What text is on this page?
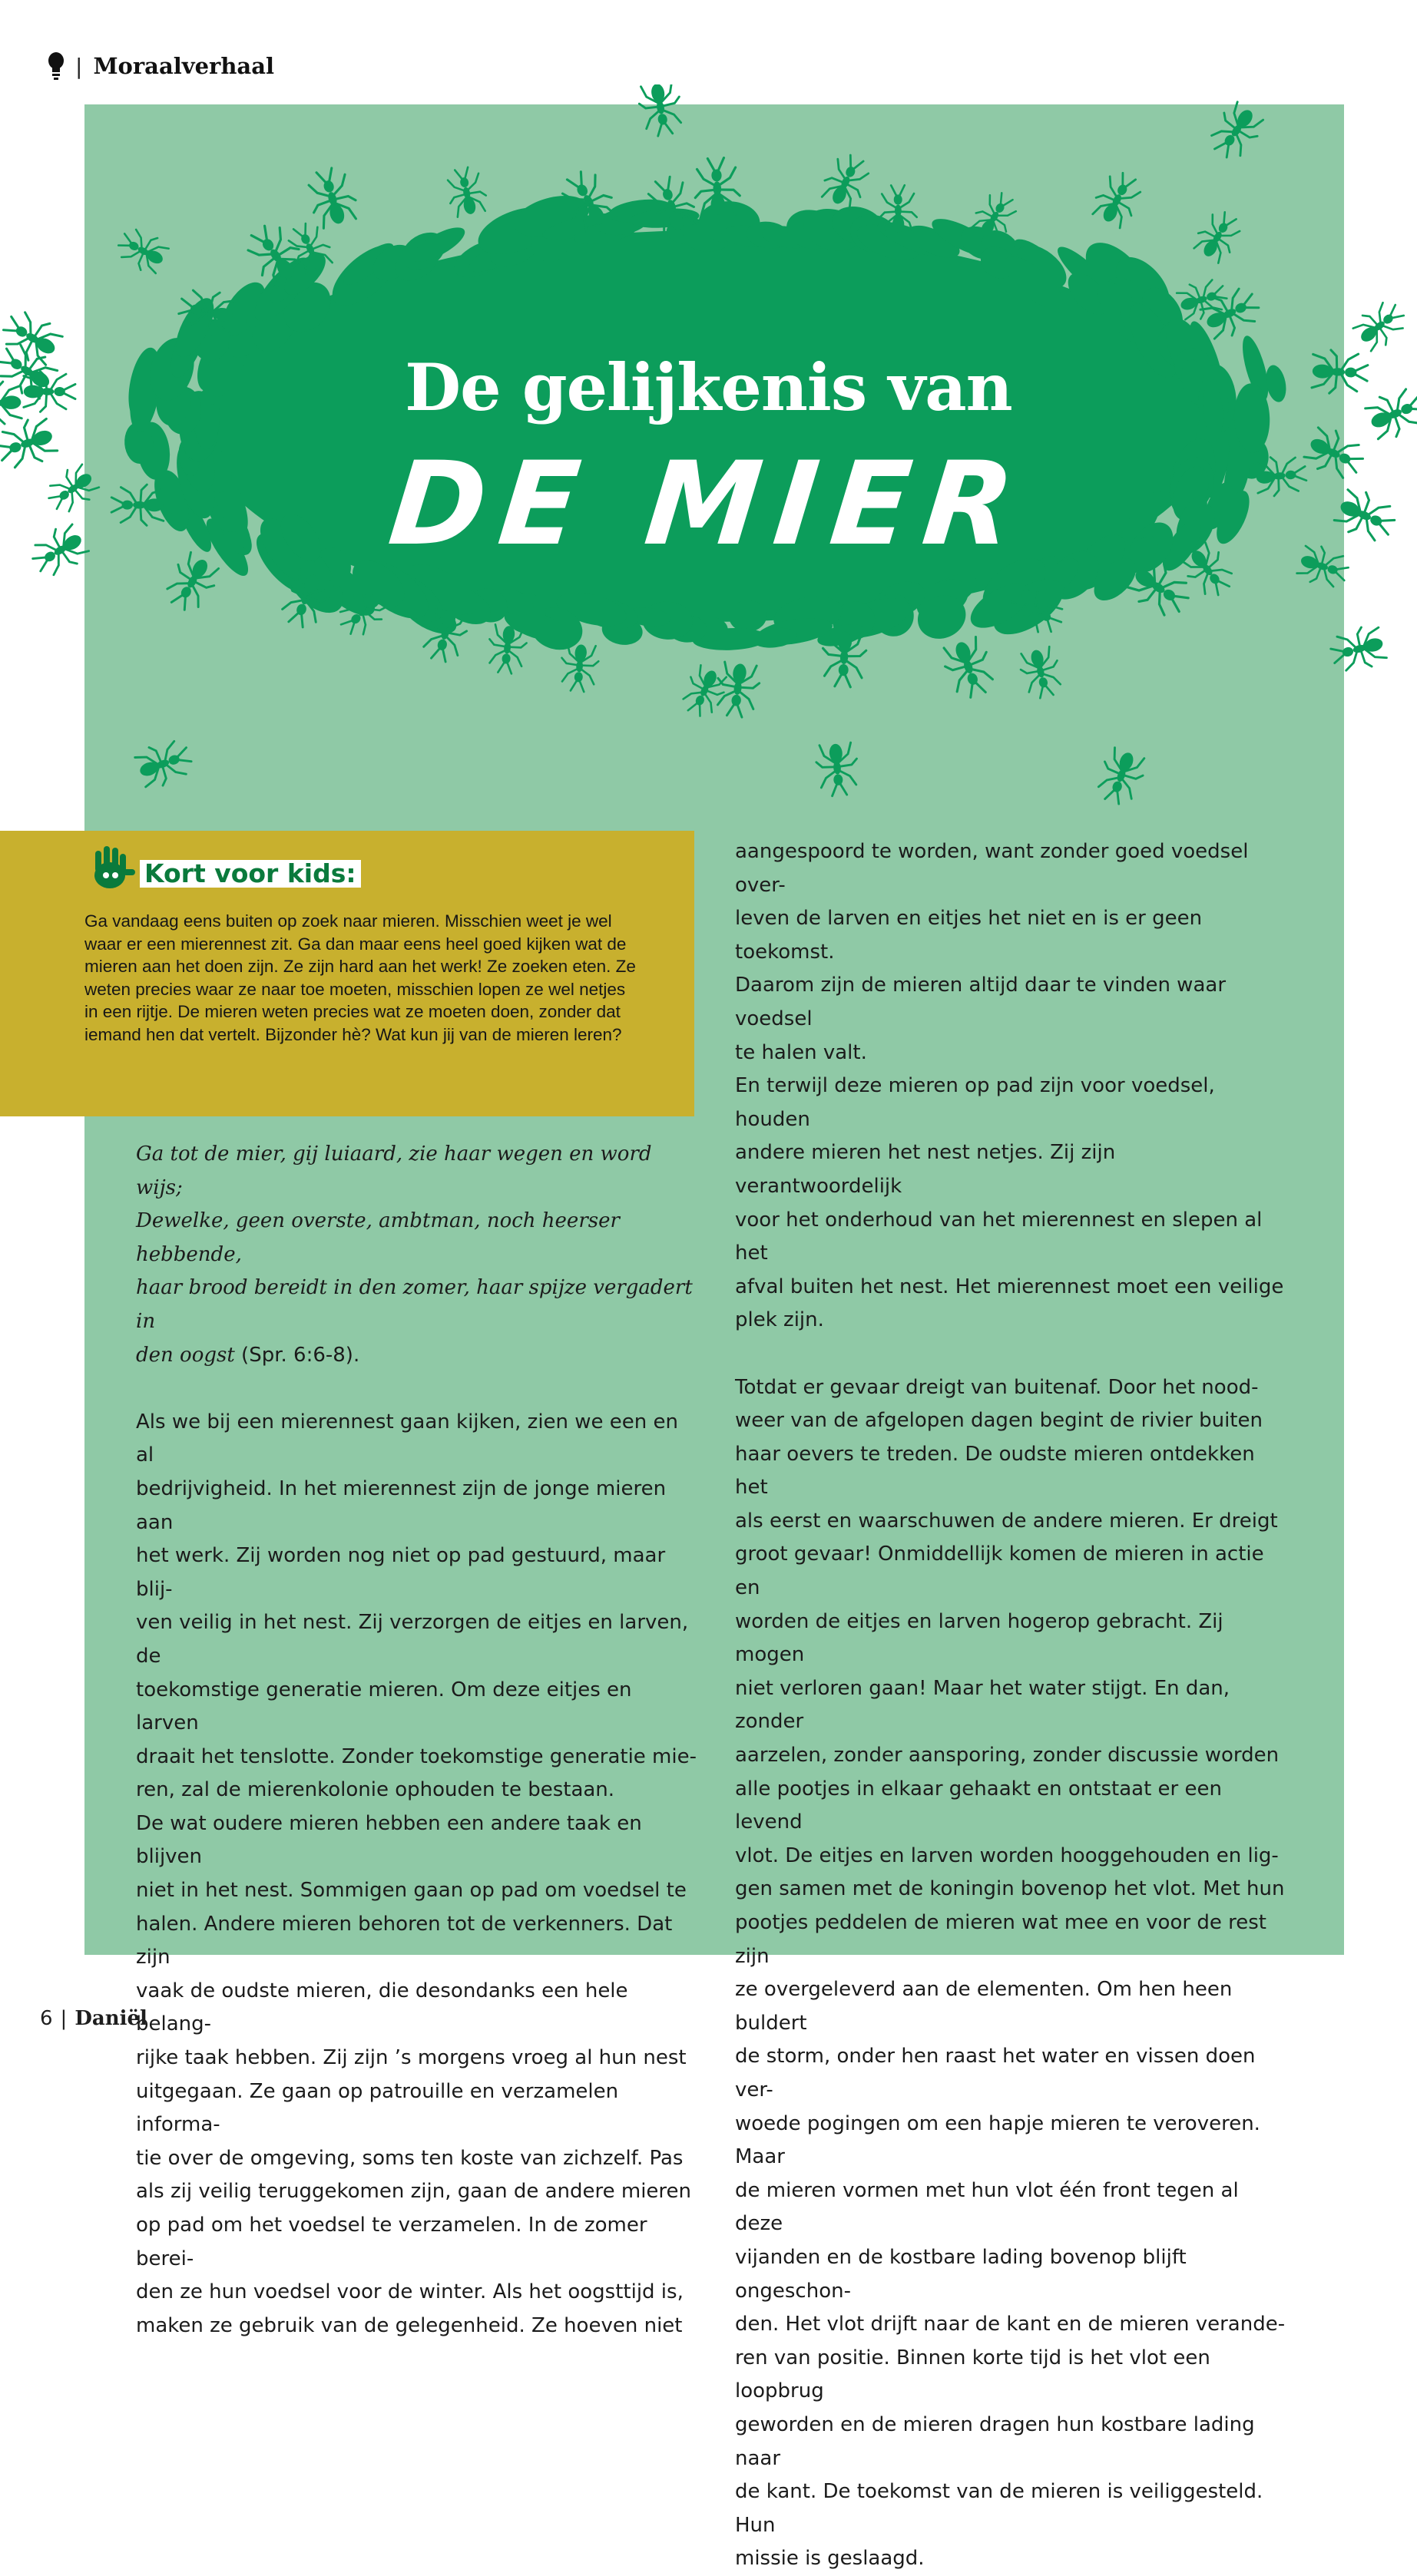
| Moraalverhaal
De gelijkenis van
DE MIER
Kort voor kids:
Ga vandaag eens buiten op zoek naar mieren. Misschien weet je wel
waar er een mierennest zit. Ga dan maar eens heel goed kijken wat de
mieren aan het doen zijn. Ze zijn hard aan het werk! Ze zoeken eten. Ze
weten precies waar ze naar toe moeten, misschien lopen ze wel netjes
in een rijtje. De mieren weten precies wat ze moeten doen, zonder dat
iemand hen dat vertelt. Bijzonder hè? Wat kun jij van de mieren leren?

Ga tot de mier, gij luiaard, zie haar wegen en word wijs;

Dewelke, geen overste, ambtman, noch heerser hebbende,

haar brood bereidt in den zomer, haar spijze vergadert in

den oogst (Spr. 6:6-8).

Als we bij een mierennest gaan kijken, zien we een en al

bedrijvigheid. In het mierennest zijn de jonge mieren aan

het werk. Zij worden nog niet op pad gestuurd, maar blij-

ven veilig in het nest. Zij verzorgen de eitjes en larven, de

toekomstige generatie mieren. Om deze eitjes en larven

draait het tenslotte. Zonder toekomstige generatie mie-

ren, zal de mierenkolonie ophouden te bestaan.

De wat oudere mieren hebben een andere taak en blijven

niet in het nest. Sommigen gaan op pad om voedsel te

halen. Andere mieren behoren tot de verkenners. Dat zijn

vaak de oudste mieren, die desondanks een hele belang-

rijke taak hebben. Zij zijn ’s morgens vroeg al hun nest

uitgegaan. Ze gaan op patrouille en verzamelen informa-

tie over de omgeving, soms ten koste van zichzelf. Pas

als zij veilig teruggekomen zijn, gaan de andere mieren

op pad om het voedsel te verzamelen. In de zomer berei-

den ze hun voedsel voor de winter. Als het oogsttijd is,

maken ze gebruik van de gelegenheid. Ze hoeven niet

aangespoord te worden, want zonder goed voedsel over-

leven de larven en eitjes het niet en is er geen toekomst.

Daarom zijn de mieren altijd daar te vinden waar voedsel

te halen valt.

En terwijl deze mieren op pad zijn voor voedsel, houden

andere mieren het nest netjes. Zij zijn verantwoordelijk

voor het onderhoud van het mierennest en slepen al het

afval buiten het nest. Het mierennest moet een veilige

plek zijn.

Totdat er gevaar dreigt van buitenaf. Door het nood-

weer van de afgelopen dagen begint de rivier buiten

haar oevers te treden. De oudste mieren ontdekken het

als eerst en waarschuwen de andere mieren. Er dreigt

groot gevaar! Onmiddellijk komen de mieren in actie en

worden de eitjes en larven hogerop gebracht. Zij mogen

niet verloren gaan! Maar het water stijgt. En dan, zonder

aarzelen, zonder aansporing, zonder discussie worden

alle pootjes in elkaar gehaakt en ontstaat er een levend

vlot. De eitjes en larven worden hooggehouden en lig-

gen samen met de koningin bovenop het vlot. Met hun

pootjes peddelen de mieren wat mee en voor de rest zijn

ze overgeleverd aan de elementen. Om hen heen buldert

de storm, onder hen raast het water en vissen doen ver-

woede pogingen om een hapje mieren te veroveren. Maar

de mieren vormen met hun vlot één front tegen al deze

vijanden en de kostbare lading bovenop blijft ongeschon-

den. Het vlot drijft naar de kant en de mieren verande-

ren van positie. Binnen korte tijd is het vlot een loopbrug

geworden en de mieren dragen hun kostbare lading naar

de kant. De toekomst van de mieren is veiliggesteld. Hun

missie is geslaagd.

6 | Daniël
